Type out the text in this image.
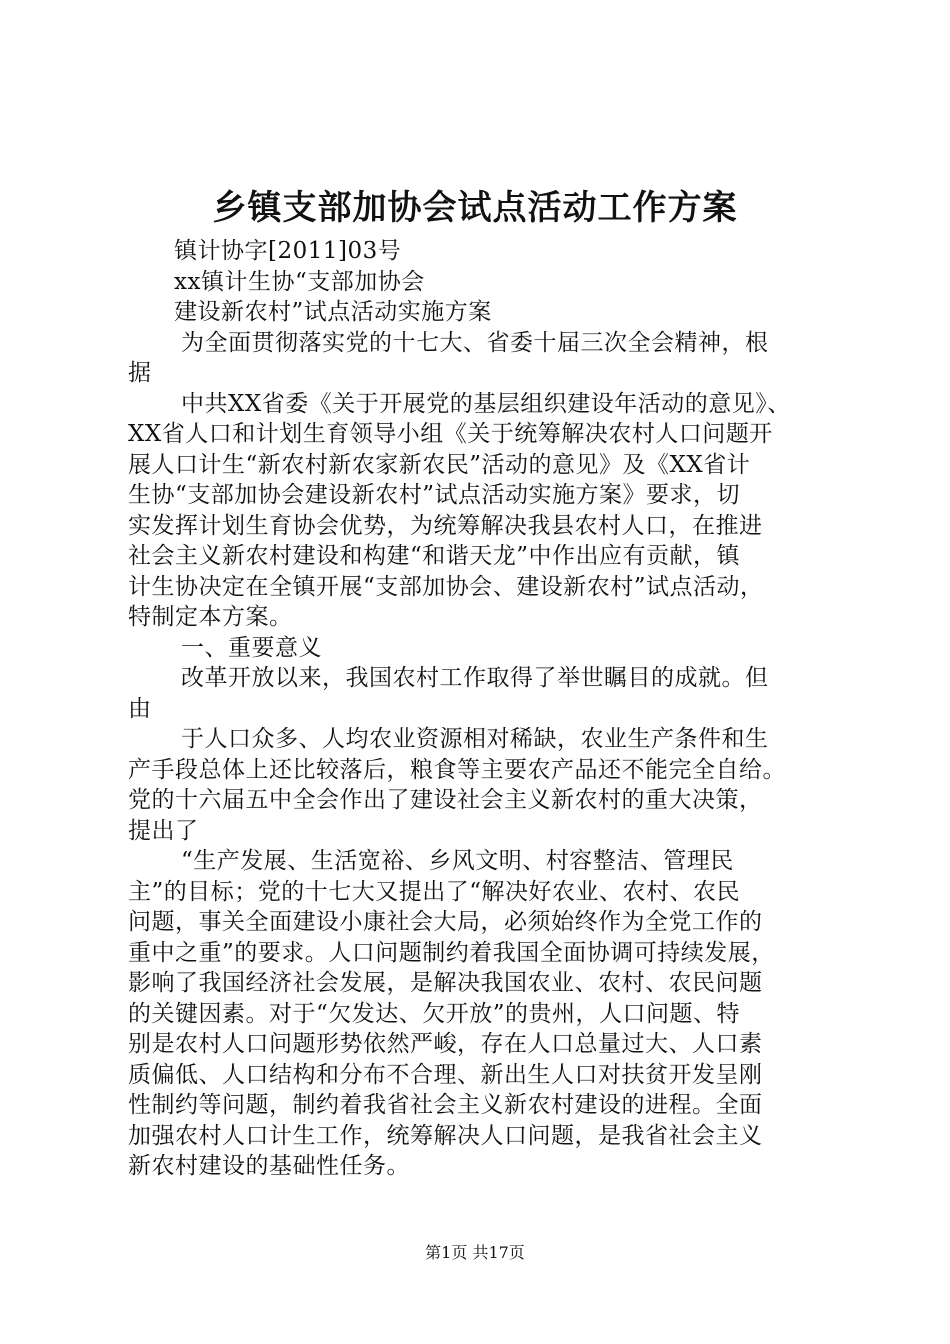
乡镇支部加协会试点活动工作方案
镇计协字[2011]03号
xx镇计生协“支部加协会
建设新农村”试点活动实施方案
为全面贯彻落实党的十七大、省委十届三次全会精神，根
据
中共XX省委《关于开展党的基层组织建设年活动的意见》、
XX省人口和计划生育领导小组《关于统筹解决农村人口问题开
展人口计生“新农村新农家新农民”活动的意见》及《XX省计
生协“支部加协会建设新农村”试点活动实施方案》要求，切
实发挥计划生育协会优势，为统筹解决我县农村人口，在推进
社会主义新农村建设和构建“和谐天龙”中作出应有贡献，镇
计生协决定在全镇开展“支部加协会、建设新农村”试点活动，
特制定本方案。
一、重要意义
改革开放以来，我国农村工作取得了举世瞩目的成就。但
由
于人口众多、人均农业资源相对稀缺，农业生产条件和生
产手段总体上还比较落后，粮食等主要农产品还不能完全自给。
党的十六届五中全会作出了建设社会主义新农村的重大决策，
提出了
“生产发展、生活宽裕、乡风文明、村容整洁、管理民
主”的目标；党的十七大又提出了“解决好农业、农村、农民
问题，事关全面建设小康社会大局，必须始终作为全党工作的
重中之重”的要求。人口问题制约着我国全面协调可持续发展，
影响了我国经济社会发展，是解决我国农业、农村、农民问题
的关键因素。对于“欠发达、欠开放”的贵州，人口问题、特
别是农村人口问题形势依然严峻，存在人口总量过大、人口素
质偏低、人口结构和分布不合理、新出生人口对扶贫开发呈刚
性制约等问题，制约着我省社会主义新农村建设的进程。全面
加强农村人口计生工作，统筹解决人口问题，是我省社会主义
新农村建设的基础性任务。
第1页 共17页
